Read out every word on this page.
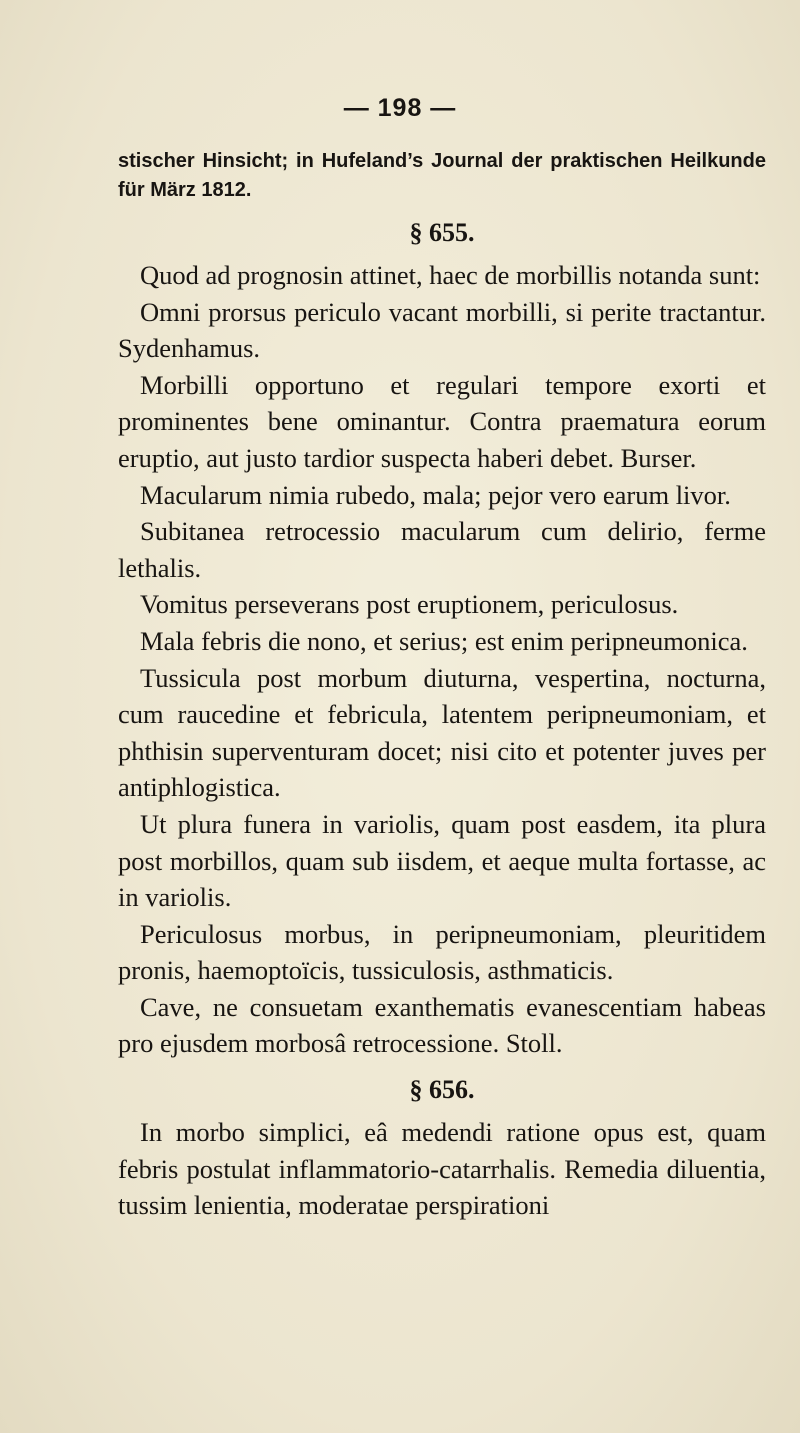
— 198 —

stischer Hinsicht; in Hufeland’s Journal der praktischen Heilkunde für März 1812.

§ 655.

Quod ad prognosin attinet, haec de morbillis notanda sunt:

Omni prorsus periculo vacant morbilli, si perite tractantur. Sydenhamus.

Morbilli opportuno et regulari tempore exorti et prominentes bene ominantur. Contra praematura eorum eruptio, aut justo tardior suspecta haberi debet. Burser.

Macularum nimia rubedo, mala; pejor vero earum livor.

Subitanea retrocessio macularum cum delirio, ferme lethalis.

Vomitus perseverans post eruptionem, periculosus.

Mala febris die nono, et serius; est enim peripneumonica.

Tussicula post morbum diuturna, vespertina, nocturna, cum raucedine et febricula, latentem peripneumoniam, et phthisin superventuram docet; nisi cito et potenter juves per antiphlogistica.

Ut plura funera in variolis, quam post easdem, ita plura post morbillos, quam sub iisdem, et aeque multa fortasse, ac in variolis.

Periculosus morbus, in peripneumoniam, pleuritidem pronis, haemoptoïcis, tussiculosis, asthmaticis.

Cave, ne consuetam exanthematis evanescentiam habeas pro ejusdem morbosâ retrocessione. Stoll.

§ 656.

In morbo simplici, eâ medendi ratione opus est, quam febris postulat inflammatorio-catarrhalis. Remedia diluentia, tussim lenientia, moderatae perspirationi
